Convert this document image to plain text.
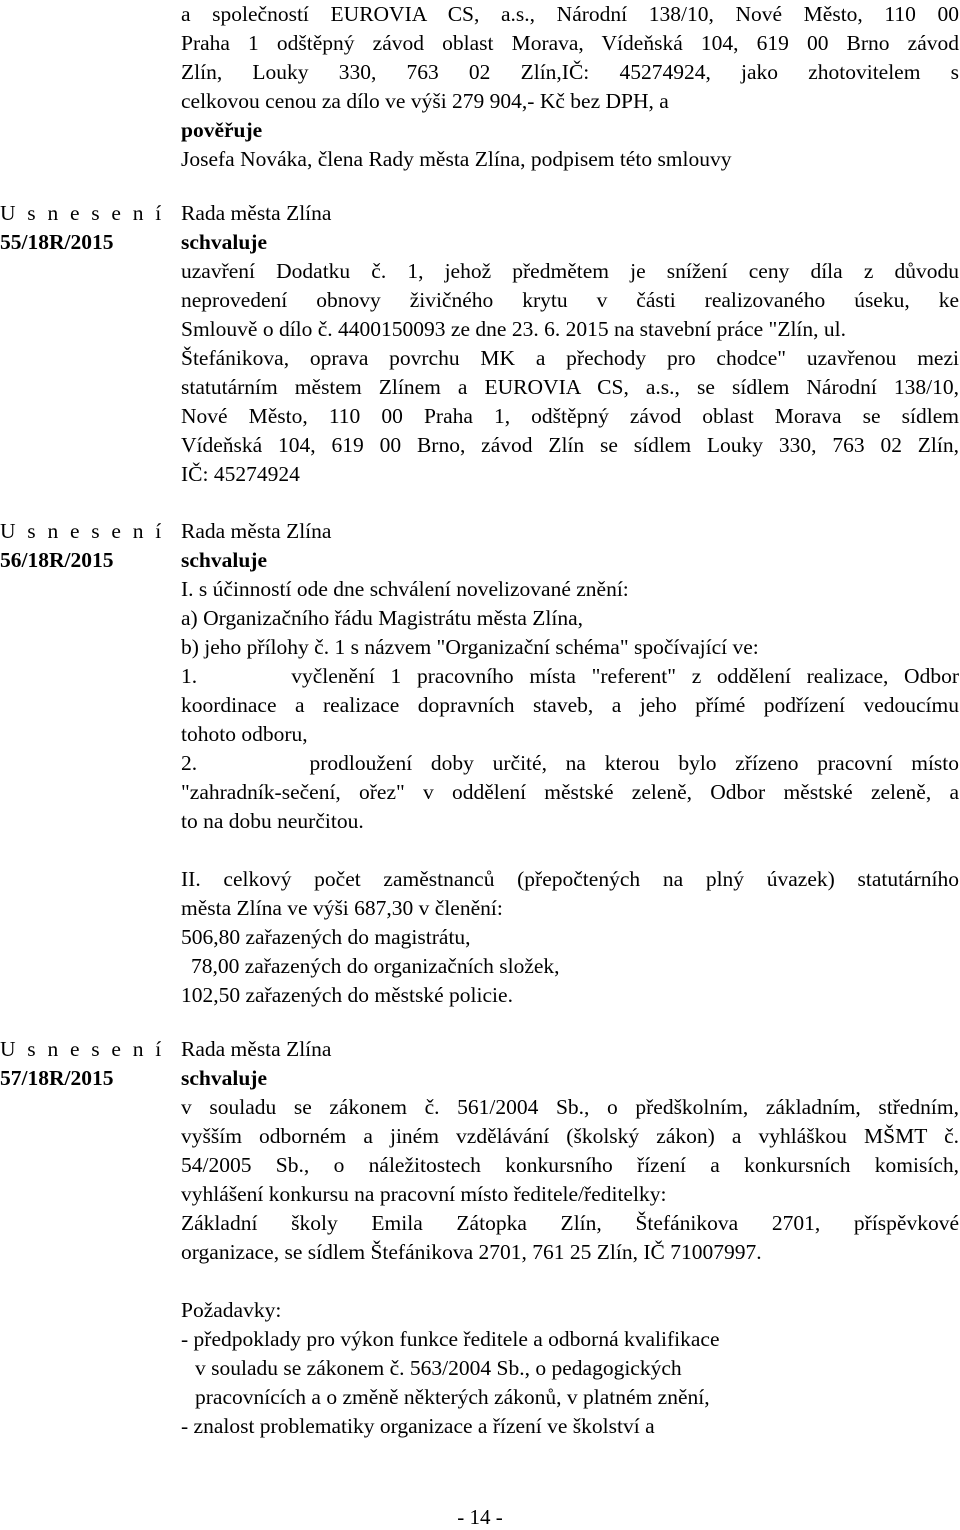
a společností EUROVIA CS, a.s., Národní 138/10, Nové Město, 110 00
Praha 1 odštěpný závod oblast Morava, Vídeňská 104, 619 00 Brno závod
Zlín, Louky 330, 763 02 Zlín,IČ: 45274924, jako zhotovitelem s
celkovou cenou za dílo ve výši 279 904,- Kč bez DPH, a
pověřuje
Josefa Nováka, člena Rady města Zlína, podpisem této smlouvy
U s n e s e n í
55/18R/2015
Rada města Zlína
schvaluje
uzavření Dodatku č. 1, jehož předmětem je snížení ceny díla z důvodu
neprovedení obnovy živičného krytu v části realizovaného úseku, ke
Smlouvě o dílo č. 4400150093 ze dne 23. 6. 2015 na stavební práce "Zlín, ul.
Štefánikova, oprava povrchu MK a přechody pro chodce" uzavřenou mezi
statutárním městem Zlínem a EUROVIA CS, a.s., se sídlem Národní 138/10,
Nové Město, 110 00 Praha 1, odštěpný závod oblast Morava se sídlem
Vídeňská 104, 619 00 Brno, závod Zlín se sídlem Louky 330, 763 02 Zlín,
IČ: 45274924
U s n e s e n í
56/18R/2015
Rada města Zlína
schvaluje
I. s účinností ode dne schválení novelizované znění:
a) Organizačního řádu Magistrátu města Zlína,
b) jeho přílohy č. 1 s názvem "Organizační schéma" spočívající ve:
1.	vyčlenění 1 pracovního místa "referent" z oddělení realizace, Odbor
koordinace a realizace dopravních staveb, a jeho přímé podřízení vedoucímu
tohoto odboru,
2.	prodloužení doby určité, na kterou bylo zřízeno pracovní místo
"zahradník-sečení, ořez" v oddělení městské zeleně, Odbor městské zeleně, a
to na dobu neurčitou.
II. celkový počet zaměstnanců (přepočtených na plný úvazek) statutárního
města Zlína ve výši 687,30 v členění:
506,80 zařazených do magistrátu,
78,00 zařazených do organizačních složek,
102,50 zařazených do městské policie.
U s n e s e n í
57/18R/2015
Rada města Zlína
schvaluje
v souladu se zákonem č. 561/2004 Sb., o předškolním, základním, středním,
vyšším odborném a jiném vzdělávání (školský zákon) a vyhláškou MŠMT č.
54/2005 Sb., o náležitostech konkursního řízení a konkursních komisích,
vyhlášení konkursu na pracovní místo ředitele/ředitelky:
Základní školy Emila Zátopka Zlín, Štefánikova 2701, příspěvkové
organizace, se sídlem Štefánikova 2701, 761 25 Zlín, IČ 71007997.
Požadavky:
- předpoklady pro výkon funkce ředitele a odborná kvalifikace
v souladu se zákonem č. 563/2004 Sb., o pedagogických
pracovnících a o změně některých zákonů, v platném znění,
- znalost problematiky organizace a řízení ve školství a
- 14 -
